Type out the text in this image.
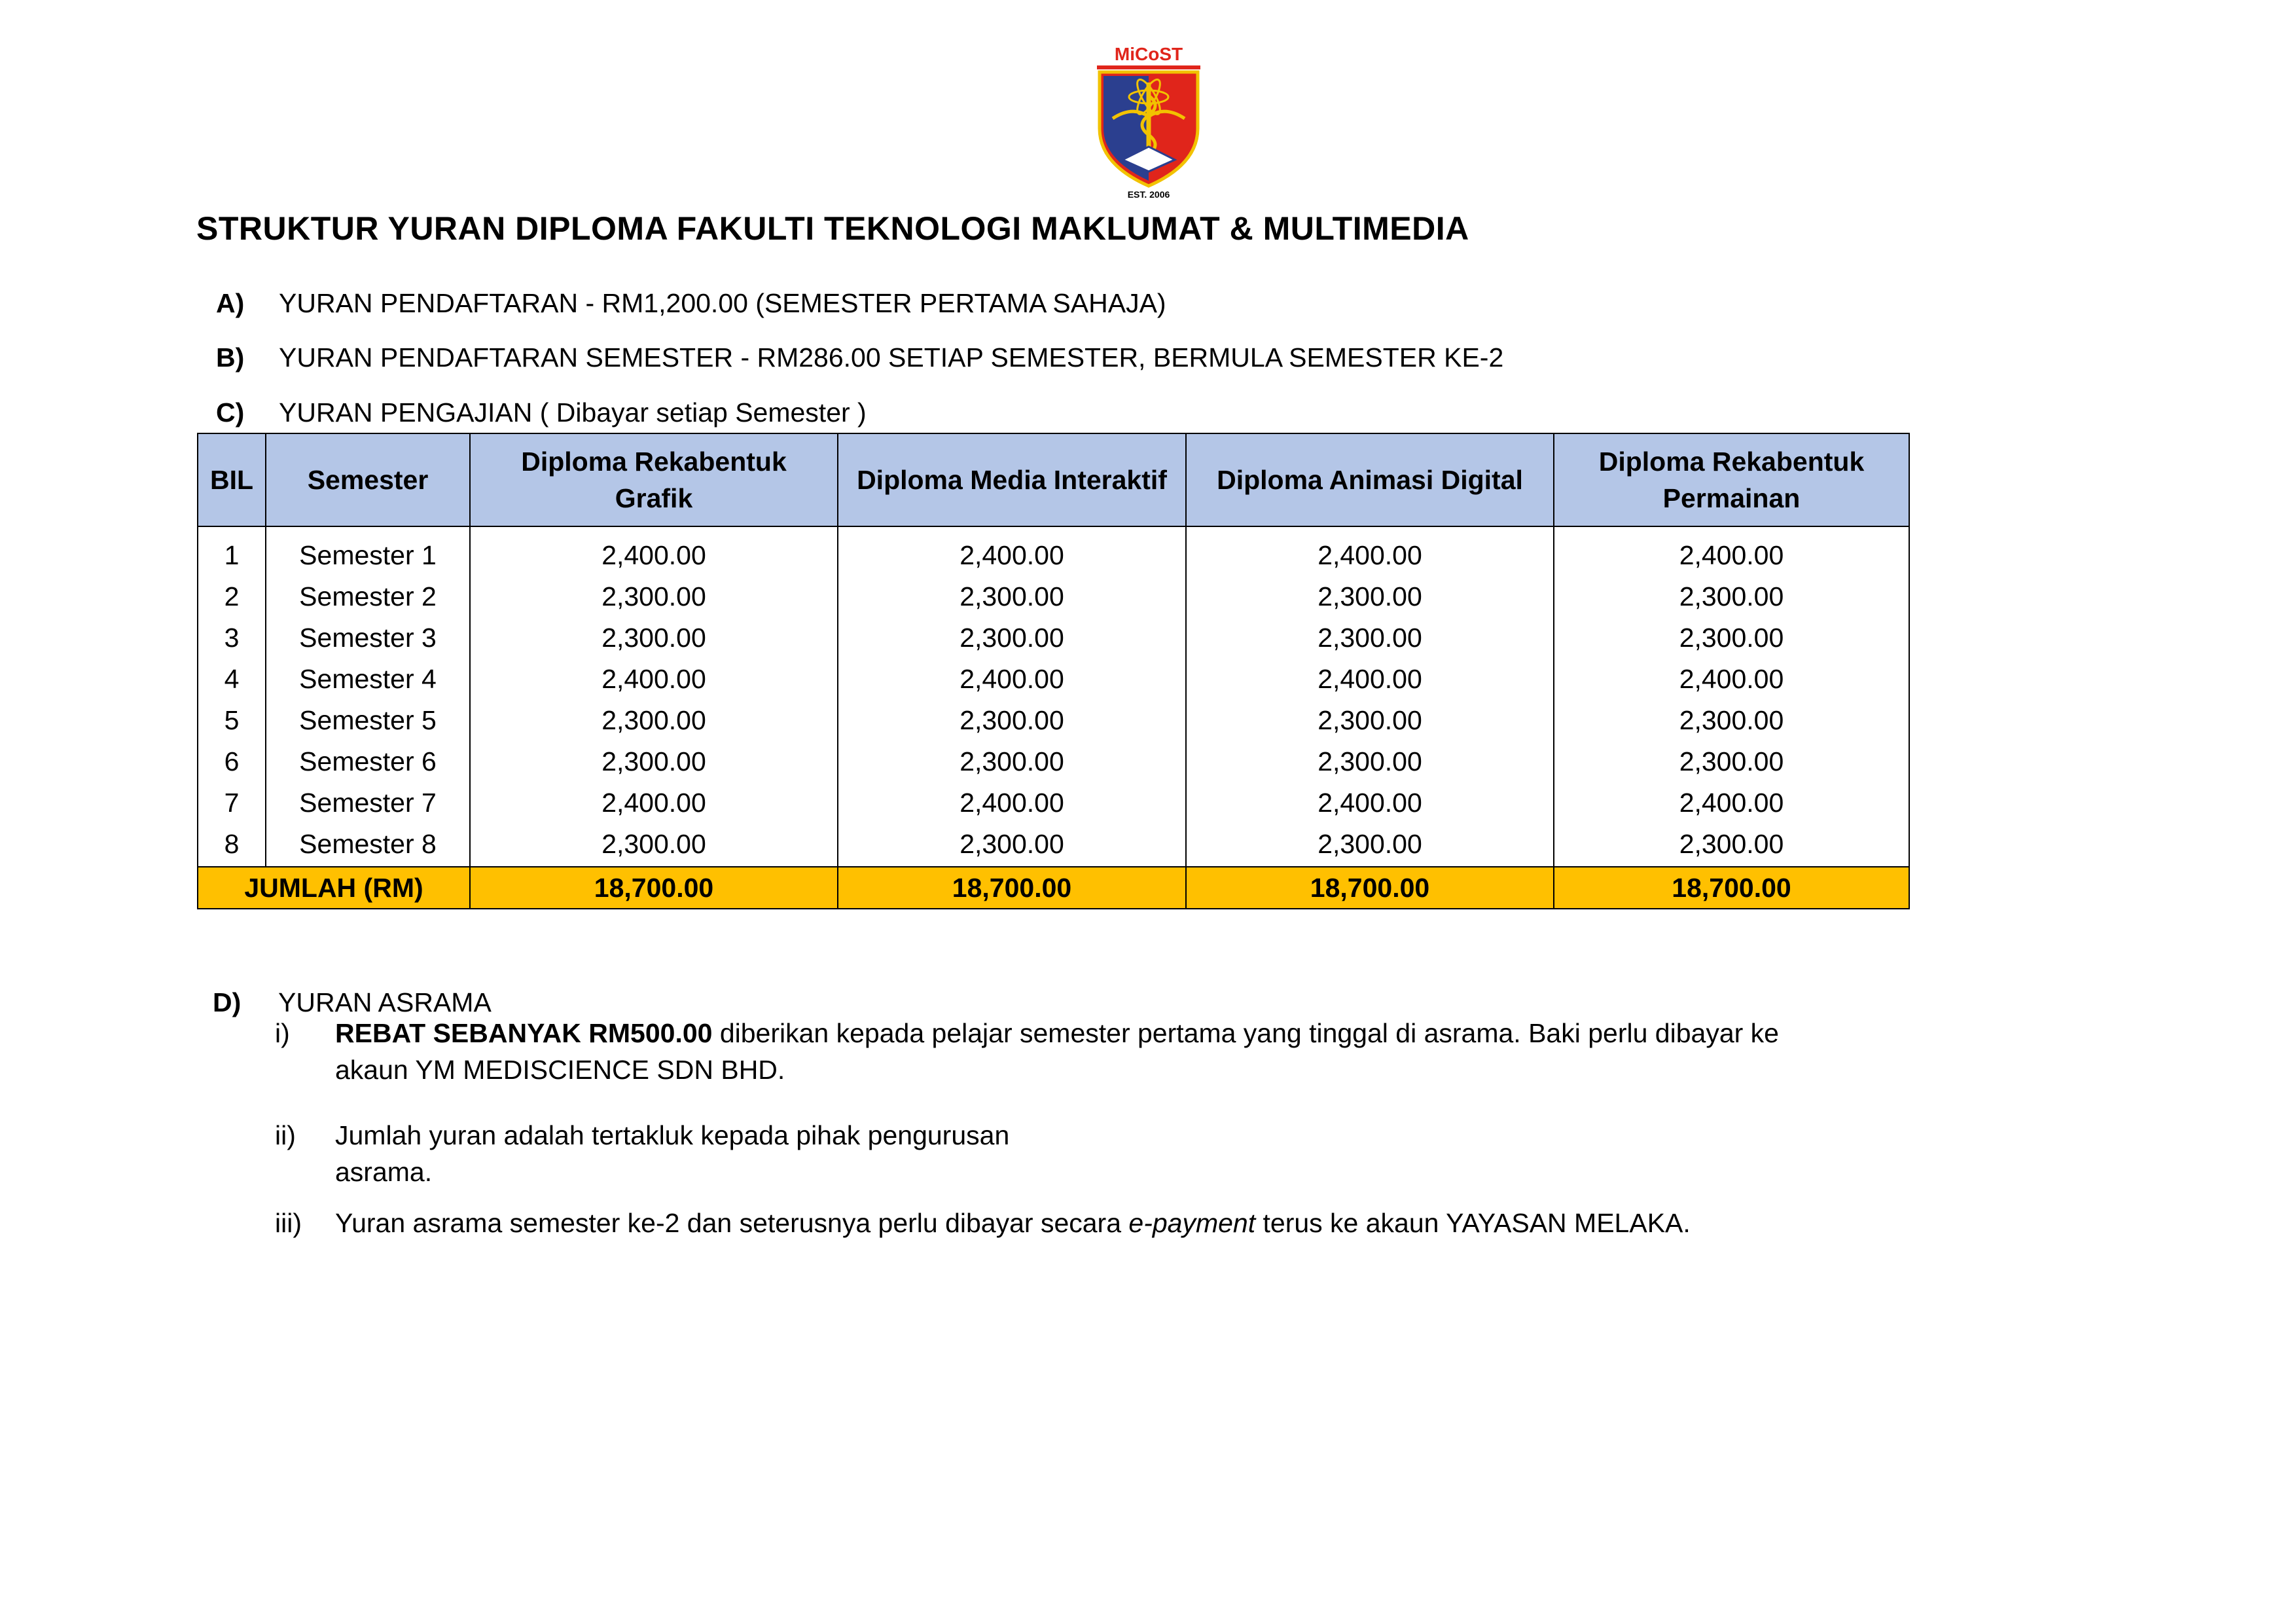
MiCoST
EST. 2006
STRUKTUR YURAN DIPLOMA FAKULTI TEKNOLOGI MAKLUMAT & MULTIMEDIA
A)	YURAN PENDAFTARAN - RM1,200.00 (SEMESTER PERTAMA SAHAJA)
B)	YURAN PENDAFTARAN SEMESTER - RM286.00 SETIAP SEMESTER, BERMULA SEMESTER KE-2
C)	YURAN PENGAJIAN ( Dibayar setiap Semester )
BIL	Semester	Diploma Rekabentuk Grafik	Diploma Media Interaktif	Diploma Animasi Digital	Diploma Rekabentuk Permainan
1	Semester 1	2,400.00	2,400.00	2,400.00	2,400.00
2	Semester 2	2,300.00	2,300.00	2,300.00	2,300.00
3	Semester 3	2,300.00	2,300.00	2,300.00	2,300.00
4	Semester 4	2,400.00	2,400.00	2,400.00	2,400.00
5	Semester 5	2,300.00	2,300.00	2,300.00	2,300.00
6	Semester 6	2,300.00	2,300.00	2,300.00	2,300.00
7	Semester 7	2,400.00	2,400.00	2,400.00	2,400.00
8	Semester 8	2,300.00	2,300.00	2,300.00	2,300.00
JUMLAH (RM)		18,700.00	18,700.00	18,700.00	18,700.00
D)	YURAN ASRAMA
i)	REBAT SEBANYAK RM500.00 diberikan kepada pelajar semester pertama yang tinggal di asrama. Baki perlu dibayar ke
akaun YM MEDISCIENCE SDN BHD.
ii)	Jumlah yuran adalah tertakluk kepada pihak pengurusan
asrama.
iii)	Yuran asrama semester ke-2 dan seterusnya perlu dibayar secara e-payment terus ke akaun YAYASAN MELAKA.
